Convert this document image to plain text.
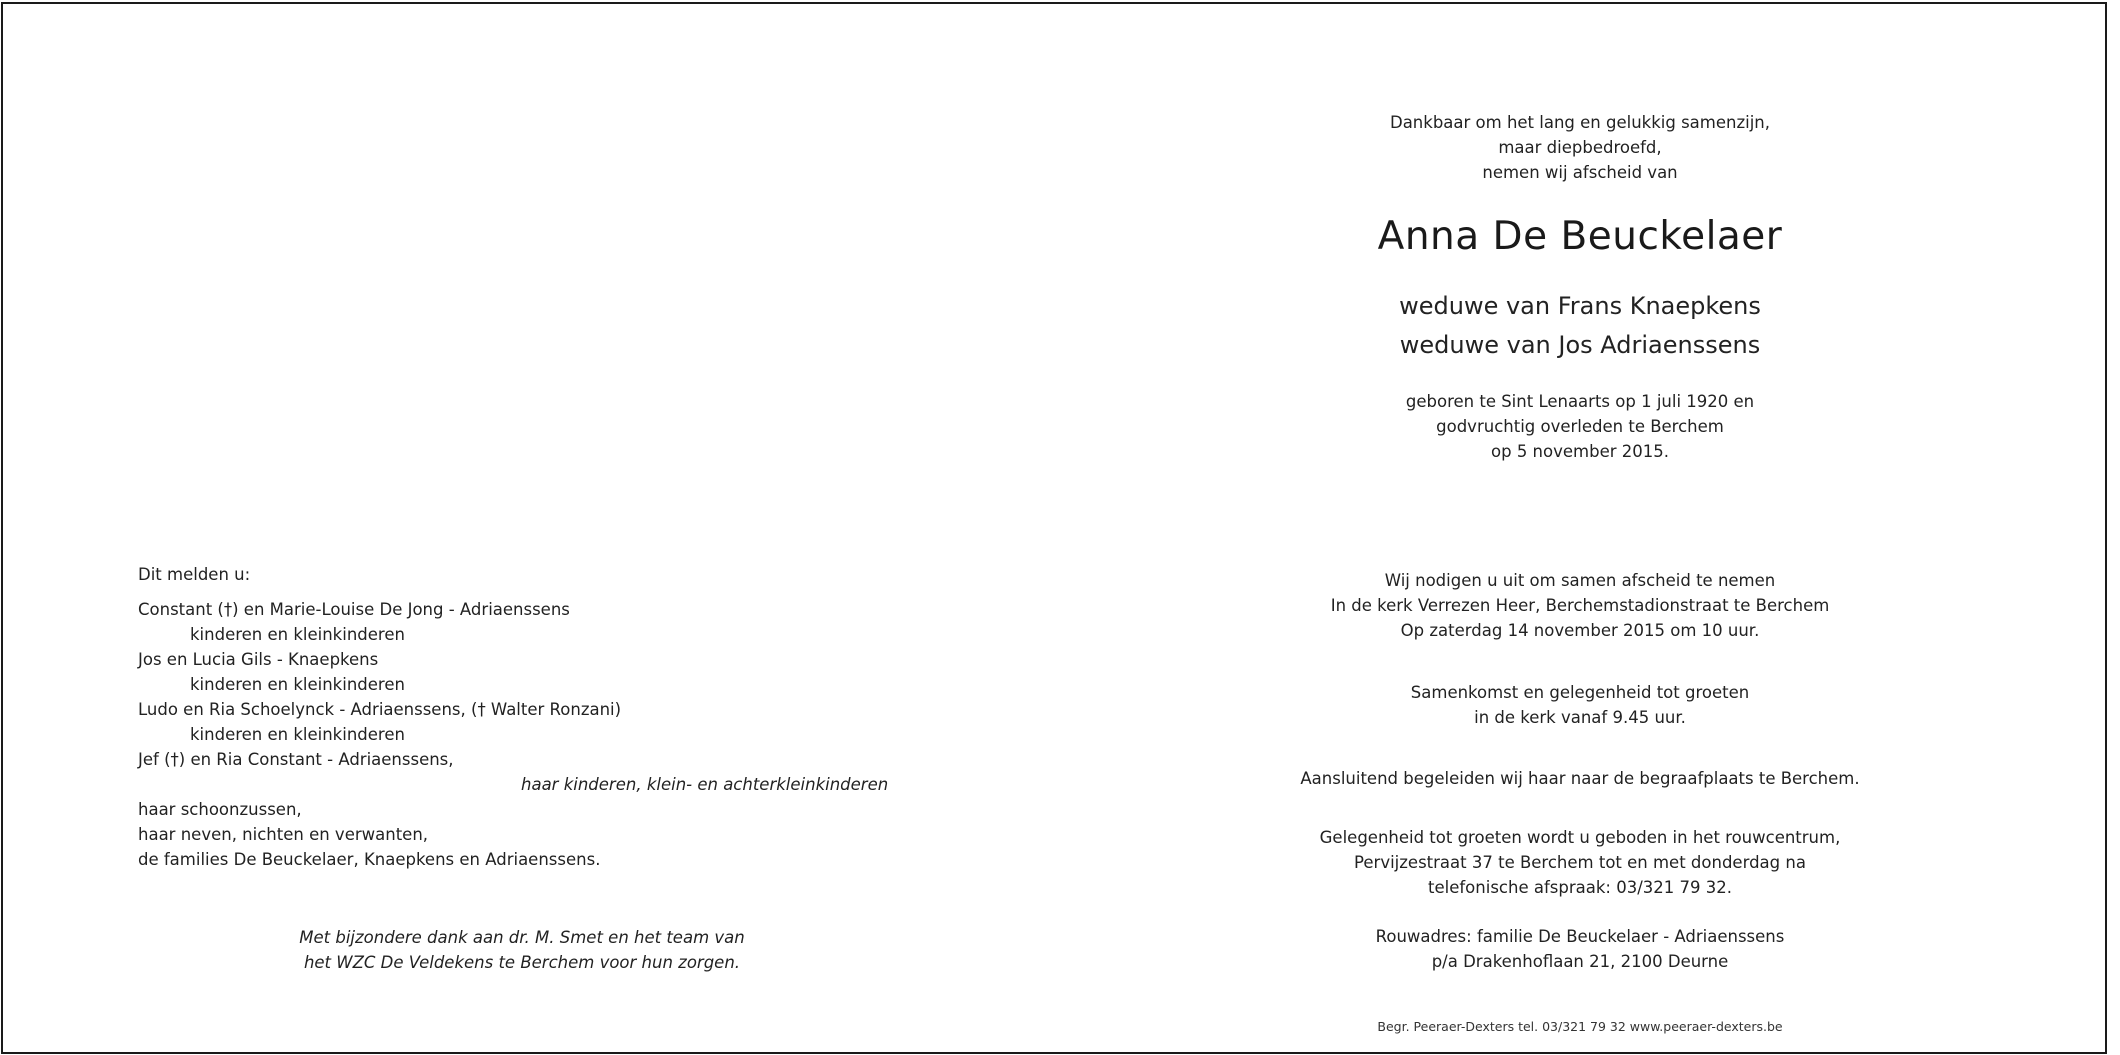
Dit melden u:
Constant (†) en Marie-Louise De Jong - Adriaenssens
kinderen en kleinkinderen
Jos en Lucia Gils - Knaepkens
kinderen en kleinkinderen
Ludo en Ria Schoelynck - Adriaenssens, († Walter Ronzani)
kinderen en kleinkinderen
Jef (†) en Ria Constant - Adriaenssens,
haar kinderen, klein- en achterkleinkinderen
haar schoonzussen,
haar neven, nichten en verwanten,
de families De Beuckelaer, Knaepkens en Adriaenssens.
Met bijzondere dank aan dr. M. Smet en het team van
het WZC De Veldekens te Berchem voor hun zorgen.
Dankbaar om het lang en gelukkig samenzijn,
maar diepbedroefd,
nemen wij afscheid van
Anna De Beuckelaer
weduwe van Frans Knaepkens
weduwe van Jos Adriaenssens
geboren te Sint Lenaarts op 1 juli 1920 en
godvruchtig overleden te Berchem
op 5 november 2015.
Wij nodigen u uit om samen afscheid te nemen
In de kerk Verrezen Heer, Berchemstadionstraat te Berchem
Op zaterdag 14 november 2015 om 10 uur.
Samenkomst en gelegenheid tot groeten
in de kerk vanaf 9.45 uur.
Aansluitend begeleiden wij haar naar de begraafplaats te Berchem.
Gelegenheid tot groeten wordt u geboden in het rouwcentrum,
Pervijzestraat 37 te Berchem tot en met donderdag na
telefonische afspraak: 03/321 79 32.
Rouwadres: familie De Beuckelaer - Adriaenssens
p/a Drakenhoflaan 21, 2100 Deurne
Begr. Peeraer-Dexters tel. 03/321 79 32 www.peeraer-dexters.be
